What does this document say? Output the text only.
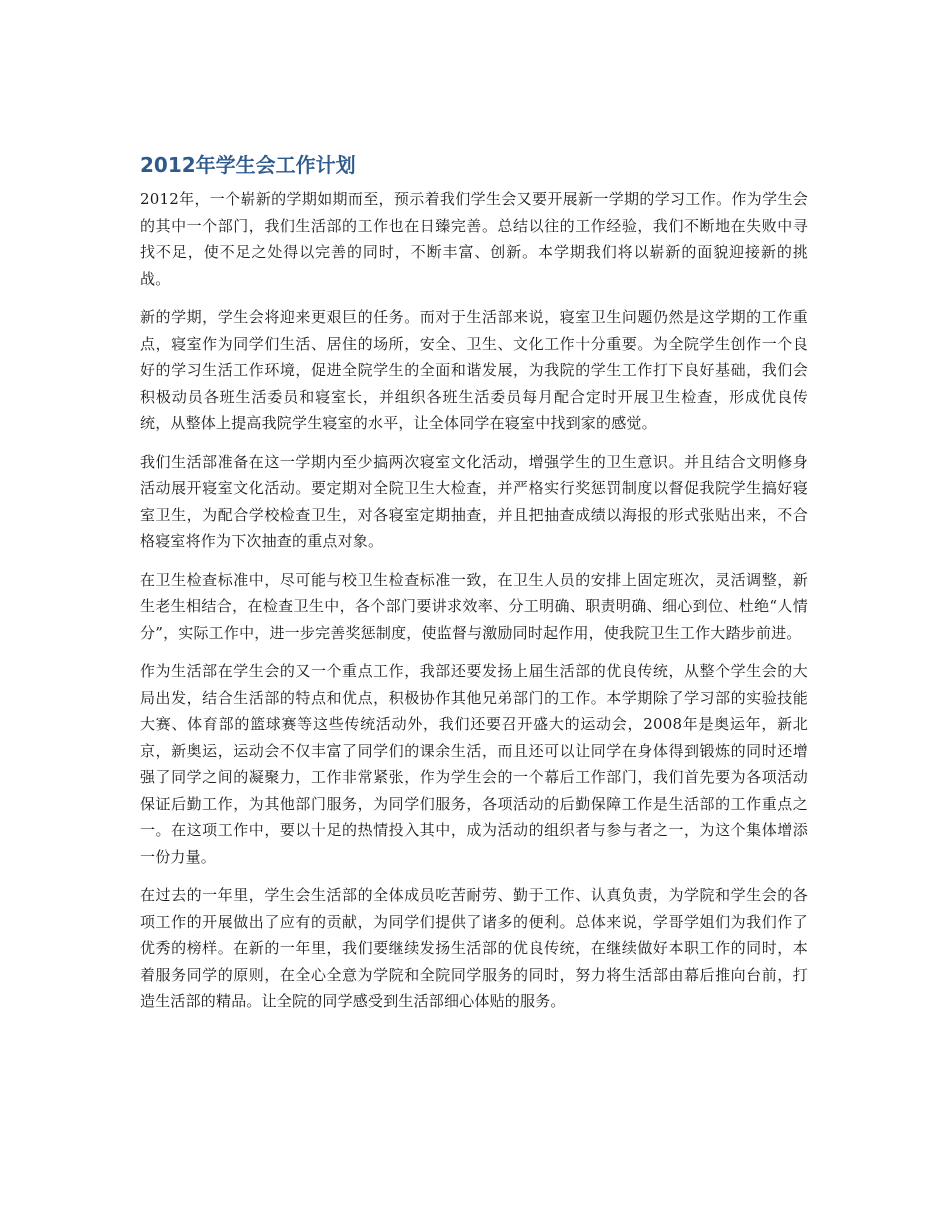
2012年学生会工作计划

2012年，一个崭新的学期如期而至，预示着我们学生会又要开展新一学期的学习工作。作为学生会的其中一个部门，我们生活部的工作也在日臻完善。总结以往的工作经验，我们不断地在失败中寻找不足，使不足之处得以完善的同时，不断丰富、创新。本学期我们将以崭新的面貌迎接新的挑战。

新的学期，学生会将迎来更艰巨的任务。而对于生活部来说，寝室卫生问题仍然是这学期的工作重点，寝室作为同学们生活、居住的场所，安全、卫生、文化工作十分重要。为全院学生创作一个良好的学习生活工作环境，促进全院学生的全面和谐发展，为我院的学生工作打下良好基础，我们会积极动员各班生活委员和寝室长，并组织各班生活委员每月配合定时开展卫生检查，形成优良传统，从整体上提高我院学生寝室的水平，让全体同学在寝室中找到家的感觉。

我们生活部准备在这一学期内至少搞两次寝室文化活动，增强学生的卫生意识。并且结合文明修身活动展开寝室文化活动。要定期对全院卫生大检查，并严格实行奖惩罚制度以督促我院学生搞好寝室卫生，为配合学校检查卫生，对各寝室定期抽查，并且把抽查成绩以海报的形式张贴出来，不合格寝室将作为下次抽查的重点对象。

在卫生检查标准中，尽可能与校卫生检查标准一致，在卫生人员的安排上固定班次，灵活调整，新生老生相结合，在检查卫生中，各个部门要讲求效率、分工明确、职责明确、细心到位、杜绝“人情分”，实际工作中，进一步完善奖惩制度，使监督与激励同时起作用，使我院卫生工作大踏步前进。

作为生活部在学生会的又一个重点工作，我部还要发扬上届生活部的优良传统，从整个学生会的大局出发，结合生活部的特点和优点，积极协作其他兄弟部门的工作。本学期除了学习部的实验技能大赛、体育部的篮球赛等这些传统活动外，我们还要召开盛大的运动会，2008年是奥运年，新北京，新奥运，运动会不仅丰富了同学们的课余生活，而且还可以让同学在身体得到锻炼的同时还增强了同学之间的凝聚力，工作非常紧张，作为学生会的一个幕后工作部门，我们首先要为各项活动保证后勤工作，为其他部门服务，为同学们服务，各项活动的后勤保障工作是生活部的工作重点之一。在这项工作中，要以十足的热情投入其中，成为活动的组织者与参与者之一，为这个集体增添一份力量。

在过去的一年里，学生会生活部的全体成员吃苦耐劳、勤于工作、认真负责，为学院和学生会的各项工作的开展做出了应有的贡献，为同学们提供了诸多的便利。总体来说，学哥学姐们为我们作了优秀的榜样。在新的一年里，我们要继续发扬生活部的优良传统，在继续做好本职工作的同时，本着服务同学的原则，在全心全意为学院和全院同学服务的同时，努力将生活部由幕后推向台前，打造生活部的精品。让全院的同学感受到生活部细心体贴的服务。
